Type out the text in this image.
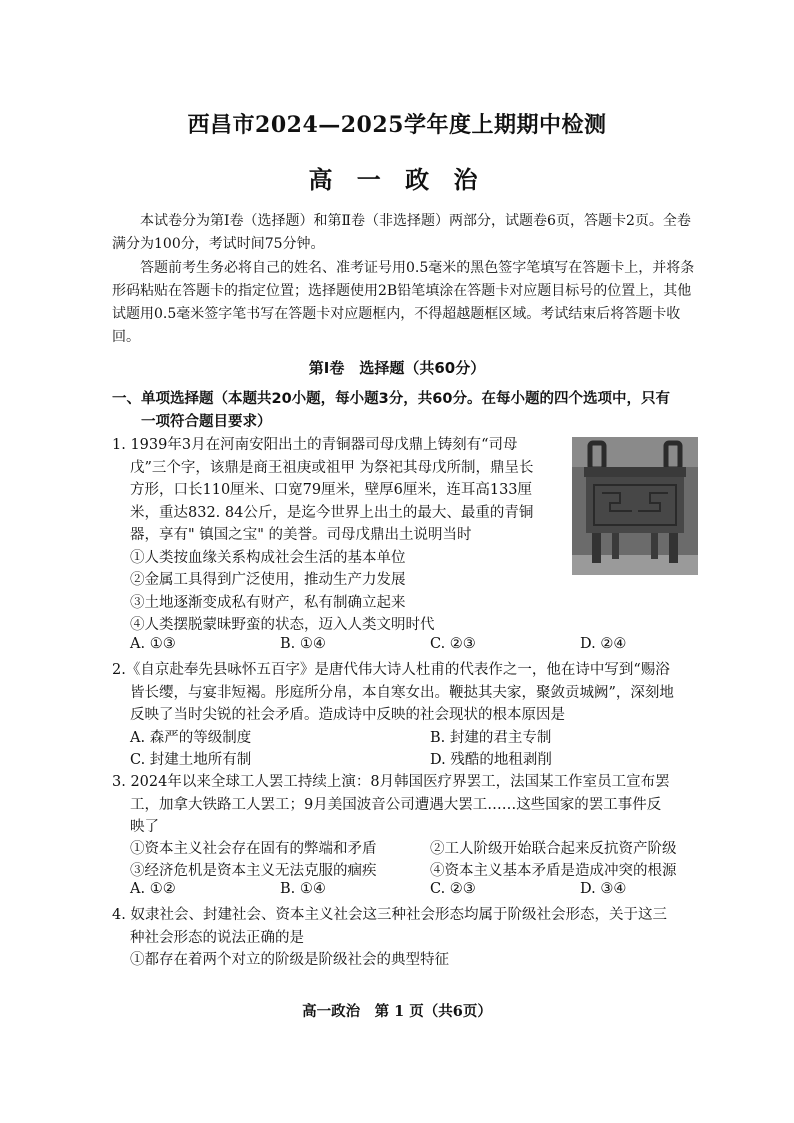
西昌市2024—2025学年度上期期中检测
高 一 政 治

本试卷分为第Ⅰ卷（选择题）和第Ⅱ卷（非选择题）两部分，试题卷6页，答题卡2页。全卷满分为100分，考试时间75分钟。

答题前考生务必将自己的姓名、准考证号用0.5毫米的黑色签字笔填写在答题卡上，并将条形码粘贴在答题卡的指定位置；选择题使用2B铅笔填涂在答题卡对应题目标号的位置上，其他试题用0.5毫米签字笔书写在答题卡对应题框内，不得超越题框区域。考试结束后将答题卡收回。

第Ⅰ卷　选择题（共60分）
一、单项选择题（本题共20小题，每小题3分，共60分。在每小题的四个选项中，只有
一项符合题目要求）
1. 1939年3月在河南安阳出土的青铜器司母戊鼎上铸刻有“司母
戊”三个字，该鼎是商王祖庚或祖甲 为祭祀其母戊所制，鼎呈长
方形，口长110厘米、口宽79厘米，壁厚6厘米，连耳高133厘
米，重达832. 84公斤，是迄今世界上出土的最大、最重的青铜
器，享有" 镇国之宝" 的美誉。司母戊鼎出土说明当时
①人类按血缘关系构成社会生活的基本单位
②金属工具得到广泛使用，推动生产力发展
③土地逐渐变成私有财产，私有制确立起来
④人类摆脱蒙昧野蛮的状态，迈入人类文明时代
A. ①③	B. ①④	C. ②③	D. ②④
2.《自京赴奉先县咏怀五百字》是唐代伟大诗人杜甫的代表作之一，他在诗中写到“赐浴
皆长缨，与宴非短褐。彤庭所分帛，本自寒女出。鞭挞其夫家，聚敛贡城阙”，深刻地
反映了当时尖锐的社会矛盾。造成诗中反映的社会现状的根本原因是
A. 森严的等级制度	B. 封建的君主专制
C. 封建土地所有制	D. 残酷的地租剥削
3. 2024年以来全球工人罢工持续上演：8月韩国医疗界罢工，法国某工作室员工宣布罢
工，加拿大铁路工人罢工；9月美国波音公司遭遇大罢工……这些国家的罢工事件反
映了
①资本主义社会存在固有的弊端和矛盾	②工人阶级开始联合起来反抗资产阶级
③经济危机是资本主义无法克服的痼疾	④资本主义基本矛盾是造成冲突的根源
A. ①②	B. ①④	C. ②③	D. ③④
4. 奴隶社会、封建社会、资本主义社会这三种社会形态均属于阶级社会形态，关于这三
种社会形态的说法正确的是
①都存在着两个对立的阶级是阶级社会的典型特征
高一政治　第 1 页（共6页）
